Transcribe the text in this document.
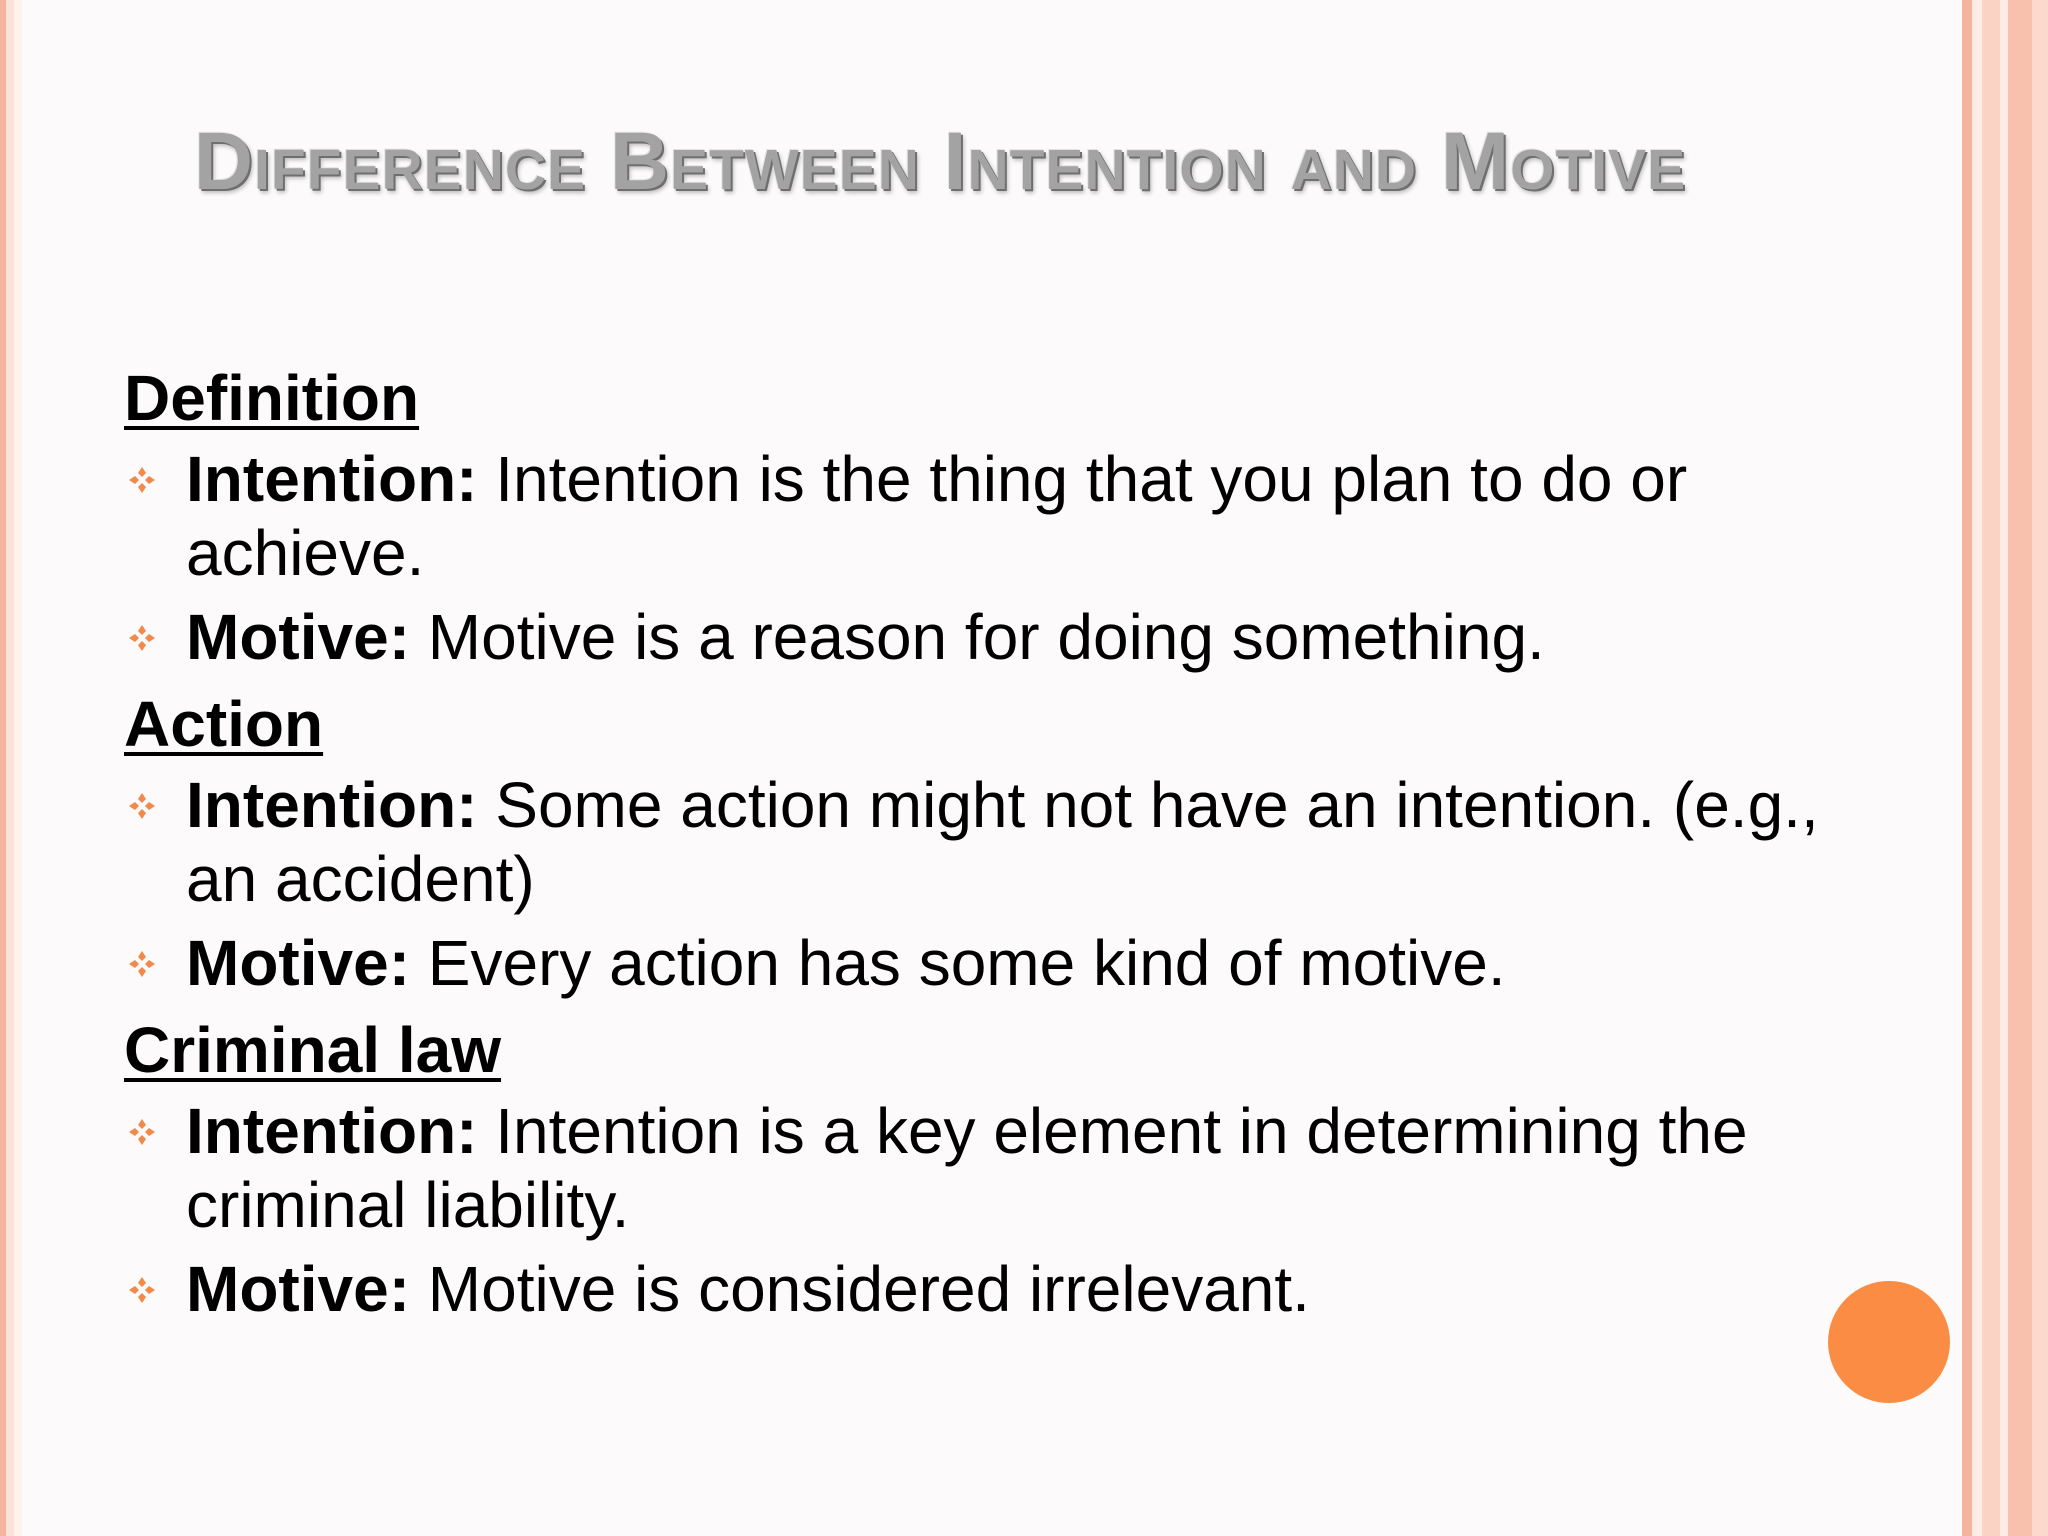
Difference Between Intention and Motive
Definition
Intention: Intention is the thing that you plan to do or achieve.
Motive: Motive is a reason for doing something.
Action
Intention: Some action might not have an intention. (e.g., an accident)
Motive: Every action has some kind of motive.
Criminal law
Intention: Intention is a key element in determining the criminal liability.
Motive: Motive is considered irrelevant.
